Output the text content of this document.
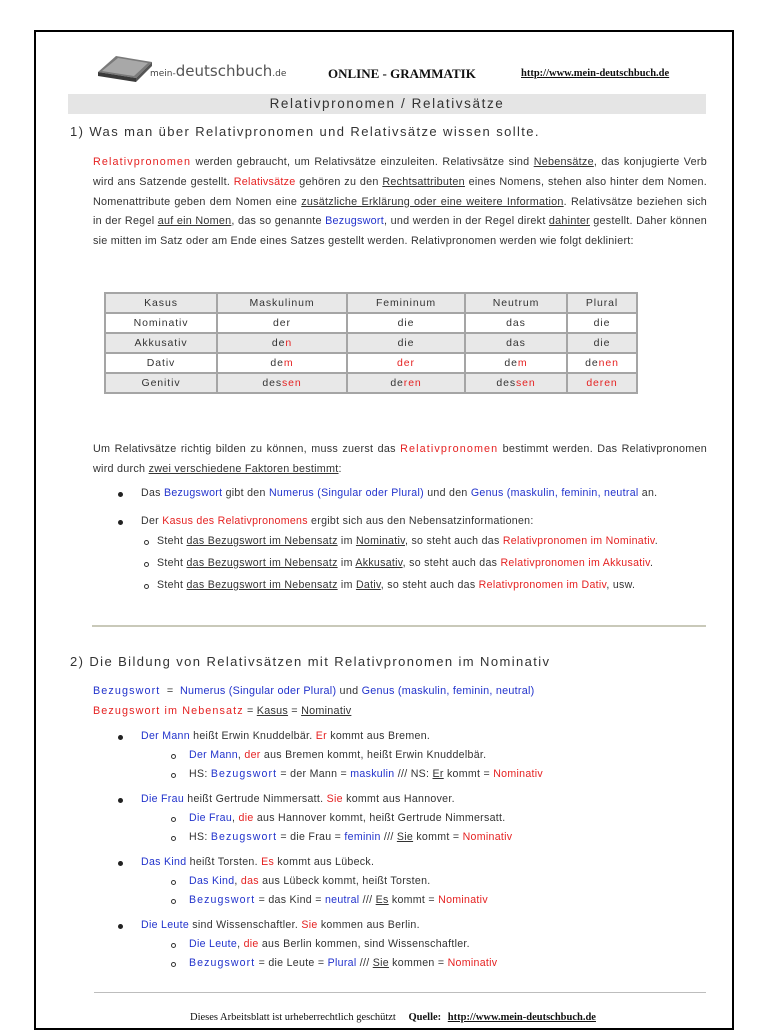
mein-deutschbuch.de	ONLINE - GRAMMATIK	http://www.mein-deutschbuch.de
Relativpronomen / Relativsätze
1) Was man über Relativpronomen und Relativsätze wissen sollte.
Relativpronomen werden gebraucht, um Relativsätze einzuleiten. Relativsätze sind Nebensätze, das konjugierte Verb wird ans Satzende gestellt. Relativsätze gehören zu den Rechtsattributen eines Nomens, stehen also hinter dem Nomen. Nomenattribute geben dem Nomen eine zusätzliche Erklärung oder eine weitere Information. Relativsätze beziehen sich in der Regel auf ein Nomen, das so genannte Bezugswort, und werden in der Regel direkt dahinter gestellt. Daher können sie mitten im Satz oder am Ende eines Satzes gestellt werden. Relativpronomen werden wie folgt dekliniert:
Kasus	Maskulinum	Femininum	Neutrum	Plural
Nominativ	der	die	das	die
Akkusativ	den	die	das	die
Dativ	dem	der	dem	denen
Genitiv	dessen	deren	dessen	deren
Um Relativsätze richtig bilden zu können, muss zuerst das Relativpronomen bestimmt werden. Das Relativpronomen wird durch zwei verschiedene Faktoren bestimmt:
Das Bezugswort gibt den Numerus (Singular oder Plural) und den Genus (maskulin, feminin, neutral an.
Der Kasus des Relativpronomens ergibt sich aus den Nebensatzinformationen:
Steht das Bezugswort im Nebensatz im Nominativ, so steht auch das Relativpronomen im Nominativ.
Steht das Bezugswort im Nebensatz im Akkusativ, so steht auch das Relativpronomen im Akkusativ.
Steht das Bezugswort im Nebensatz im Dativ, so steht auch das Relativpronomen im Dativ, usw.
2) Die Bildung von Relativsätzen mit Relativpronomen im Nominativ
Bezugswort  =  Numerus (Singular oder Plural) und Genus (maskulin, feminin, neutral)
Bezugswort im Nebensatz = Kasus = Nominativ
Der Mann heißt Erwin Knuddelbär. Er kommt aus Bremen.
Der Mann, der aus Bremen kommt, heißt Erwin Knuddelbär.
HS: Bezugswort = der Mann = maskulin /// NS: Er kommt = Nominativ
Die Frau heißt Gertrude Nimmersatt. Sie kommt aus Hannover.
Die Frau, die aus Hannover kommt, heißt Gertrude Nimmersatt.
HS: Bezugswort = die Frau = feminin /// Sie kommt = Nominativ
Das Kind heißt Torsten. Es kommt aus Lübeck.
Das Kind, das aus Lübeck kommt, heißt Torsten.
Bezugswort = das Kind = neutral /// Es kommt = Nominativ
Die Leute sind Wissenschaftler. Sie kommen aus Berlin.
Die Leute, die aus Berlin kommen, sind Wissenschaftler.
Bezugswort = die Leute = Plural /// Sie kommen = Nominativ
Dieses Arbeitsblatt ist urheberrechtlich geschützt Quelle: http://www.mein-deutschbuch.de
